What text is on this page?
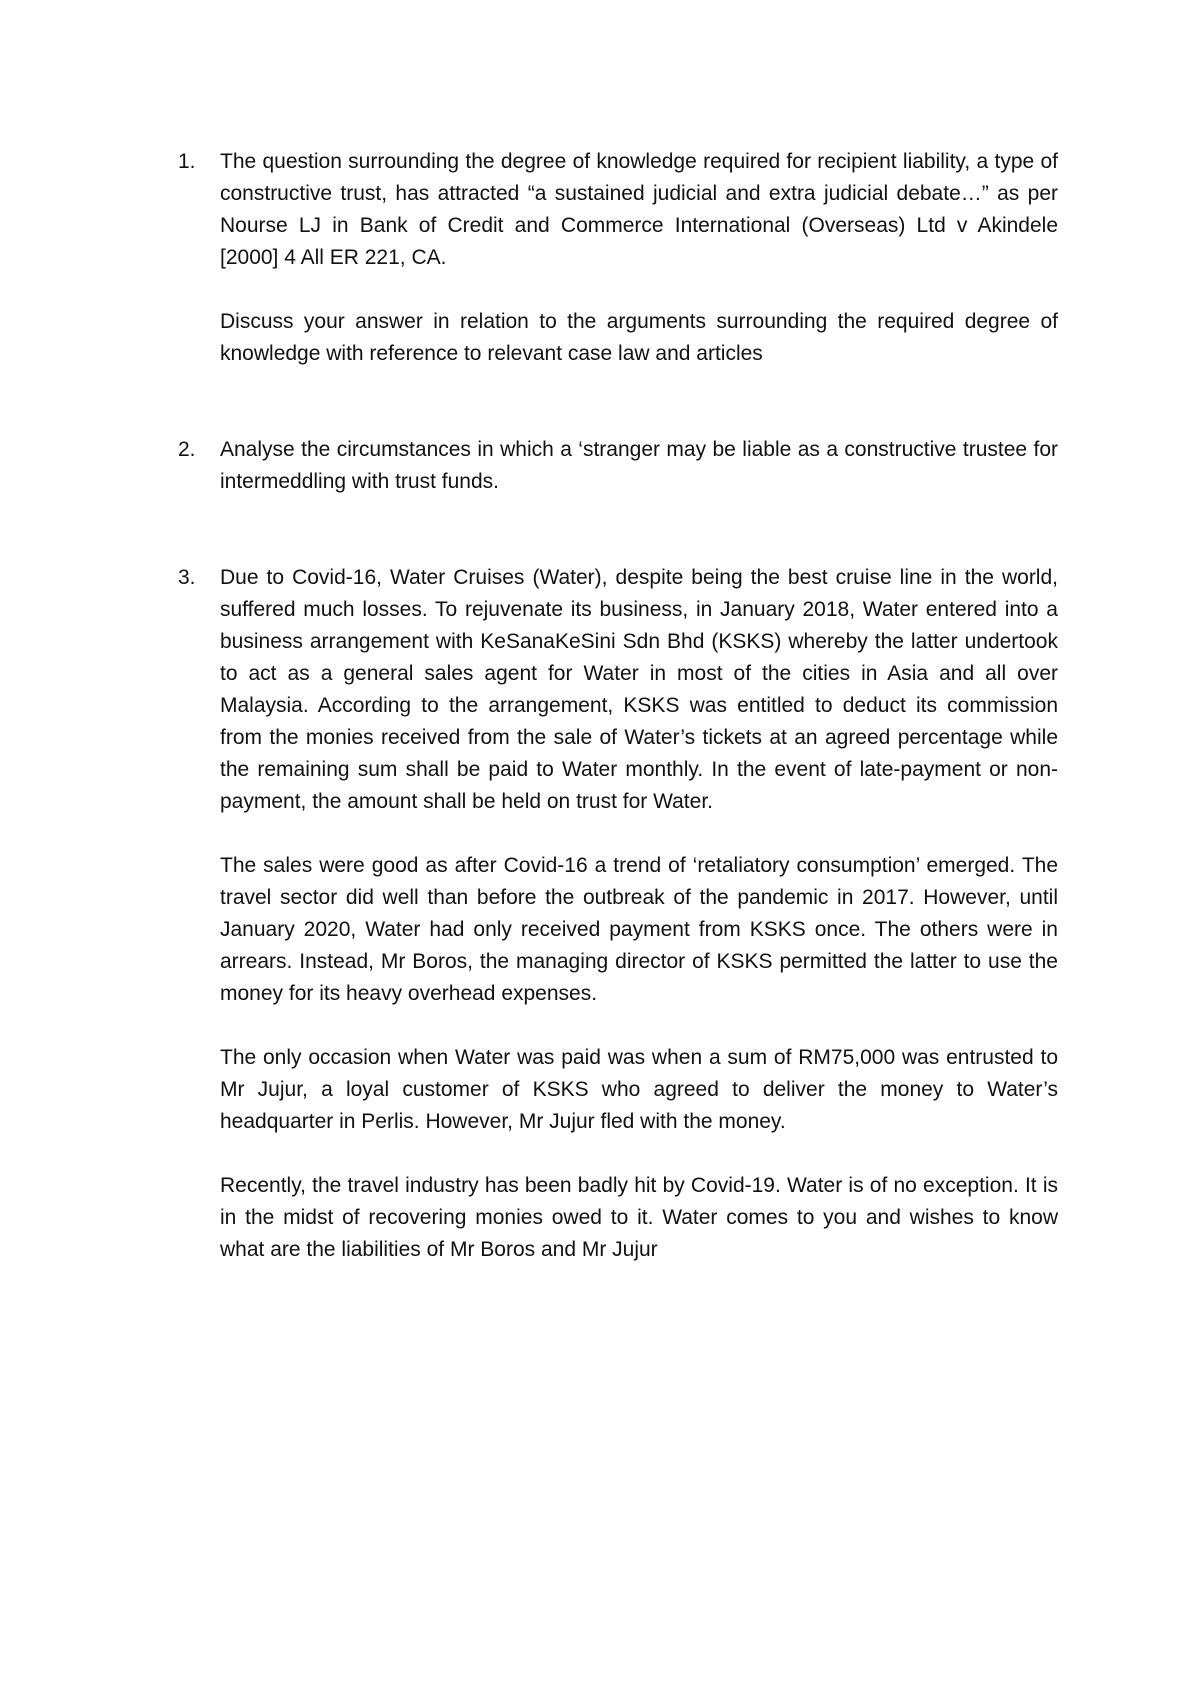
1. The question surrounding the degree of knowledge required for recipient liability, a type of constructive trust, has attracted “a sustained judicial and extra judicial debate…” as per Nourse LJ in Bank of Credit and Commerce International (Overseas) Ltd v Akindele [2000] 4 All ER 221, CA.

Discuss your answer in relation to the arguments surrounding the required degree of knowledge with reference to relevant case law and articles

2. Analyse the circumstances in which a ‘stranger may be liable as a constructive trustee for intermeddling with trust funds.

3. Due to Covid-16, Water Cruises (Water), despite being the best cruise line in the world, suffered much losses. To rejuvenate its business, in January 2018, Water entered into a business arrangement with KeSanaKeSini Sdn Bhd (KSKS) whereby the latter undertook to act as a general sales agent for Water in most of the cities in Asia and all over Malaysia. According to the arrangement, KSKS was entitled to deduct its commission from the monies received from the sale of Water’s tickets at an agreed percentage while the remaining sum shall be paid to Water monthly. In the event of late-payment or non-payment, the amount shall be held on trust for Water.

The sales were good as after Covid-16 a trend of ‘retaliatory consumption’ emerged. The travel sector did well than before the outbreak of the pandemic in 2017. However, until January 2020, Water had only received payment from KSKS once. The others were in arrears. Instead, Mr Boros, the managing director of KSKS permitted the latter to use the money for its heavy overhead expenses.

The only occasion when Water was paid was when a sum of RM75,000 was entrusted to Mr Jujur, a loyal customer of KSKS who agreed to deliver the money to Water’s headquarter in Perlis. However, Mr Jujur fled with the money.

Recently, the travel industry has been badly hit by Covid-19. Water is of no exception. It is in the midst of recovering monies owed to it. Water comes to you and wishes to know what are the liabilities of Mr Boros and Mr Jujur
